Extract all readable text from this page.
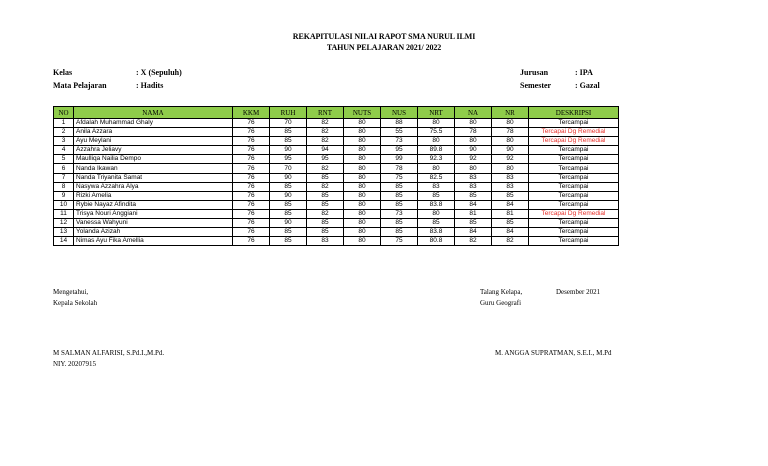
REKAPITULASI NILAI RAPOT SMA NURUL ILMI
TAHUN PELAJARAN 2021/ 2022
Kelas	: X (Sepuluh)
Mata Pelajaran	: Hadits
Jurusan	: IPA
Semester	: Gazal
NO	NAMA	KKM	RUH	RNT	NUTS	NUS	NRT	NA	NR	DESKRIPSI
1	Afdalah Muhammad Ghaly	76	70	82	80	88	80	80	80	Tercampai
2	Anila Azzara	76	85	82	80	55	75.5	78	78	Tercapai Dg Remedial
3	Ayu Meylani	76	85	82	80	73	80	80	80	Tercapai Dg Remedial
4	Azzahra Jeliavy	76	90	94	80	95	89.8	90	90	Tercampai
5	Maulliqa Nailia Dempo	76	95	95	80	99	92.3	92	92	Tercampai
6	Nanda Ikawan	76	70	82	80	78	80	80	80	Tercampai
7	Nanda Triyanita Samat	76	90	85	80	75	82.5	83	83	Tercampai
8	Nasywa Azzahra Alya	76	85	82	80	85	83	83	83	Tercampai
9	Rizki Amelia	76	90	85	80	85	85	85	85	Tercampai
10	Rybie Nayaz Afindita	76	85	85	80	85	83.8	84	84	Tercampai
11	Trisya Nouri Anggiani	76	85	82	80	73	80	81	81	Tercapai Dg Remedial
12	Vanessa Wahyuni	76	90	85	80	85	85	85	85	Tercampai
13	Yolanda Azizah	76	85	85	80	85	83.8	84	84	Tercampai
14	Nimas Ayu Fika Amellia	76	85	83	80	75	80.8	82	82	Tercampai
Mengetahui,
Kepala Sekolah
M SALMAN ALFARISI, S.Pd.I.,M.Pd.
NIY. 20207915
Talang Kelapa,	Desember 2021
Guru Geografi
M. ANGGA SUPRATMAN, S.E.I., M.Pd
